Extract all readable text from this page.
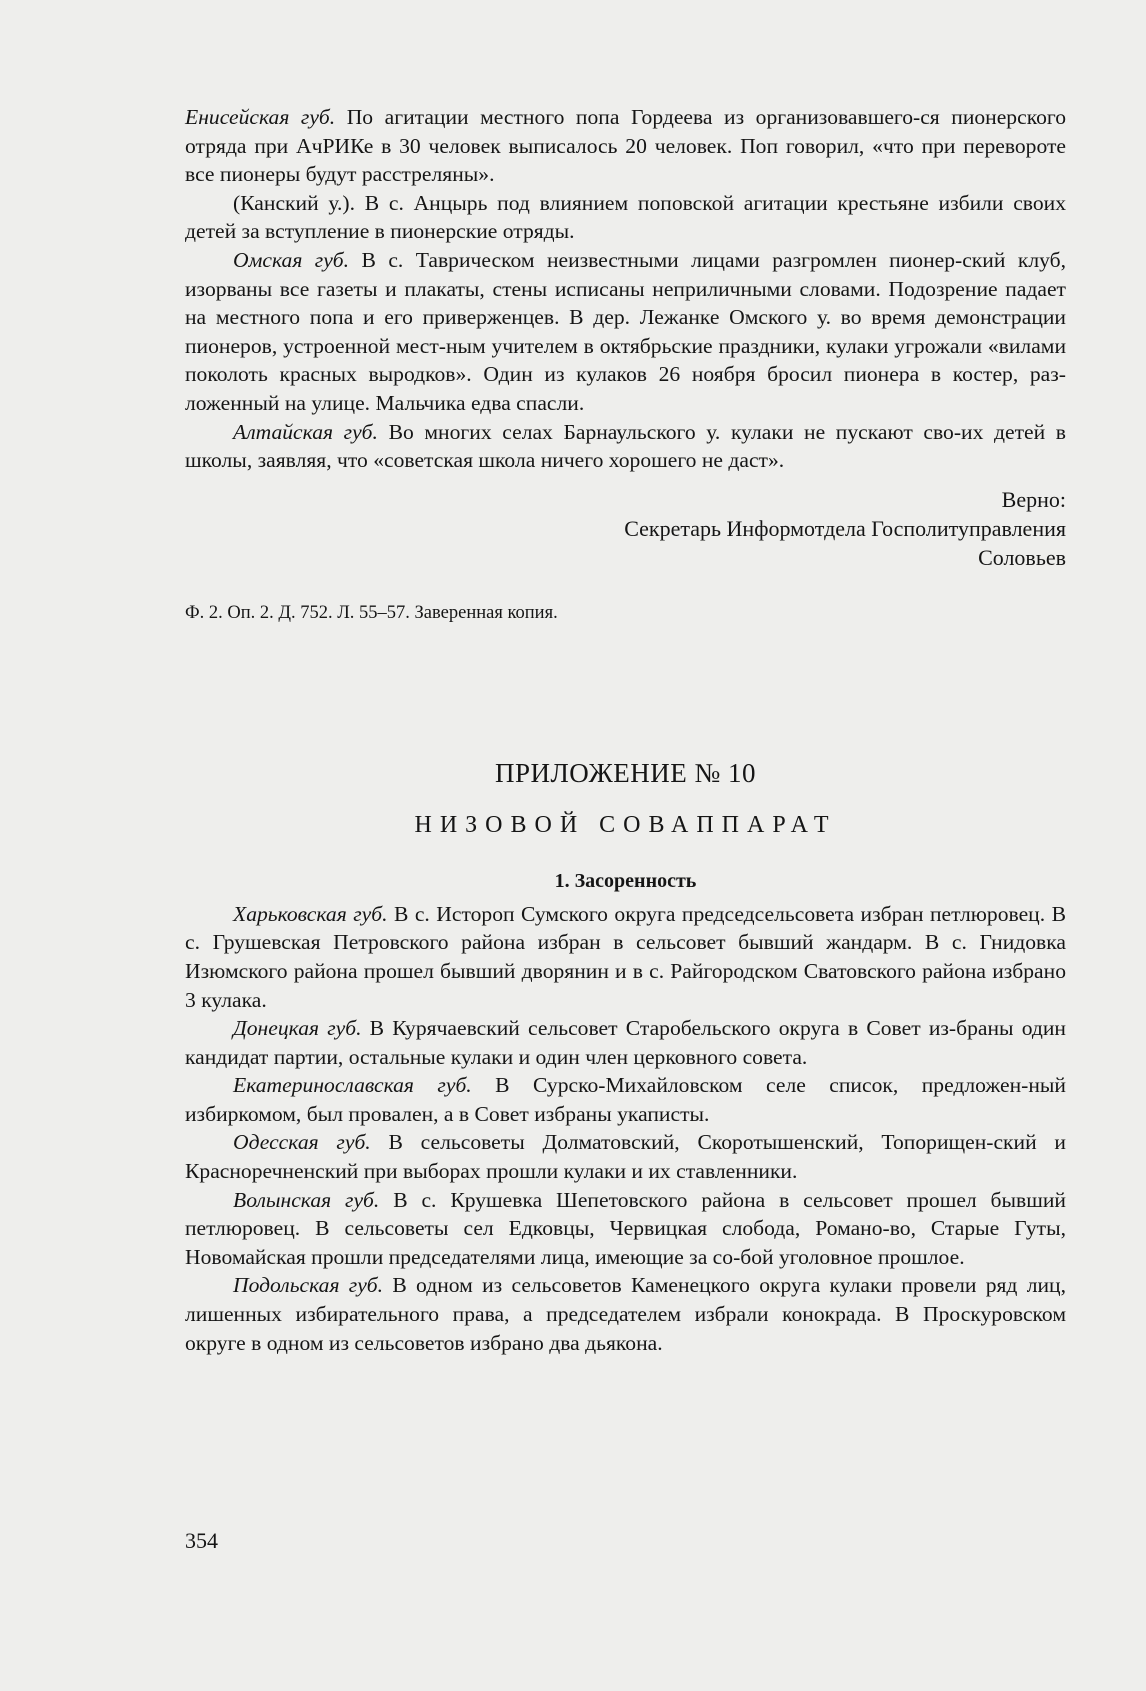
Енисейская губ. По агитации местного попа Гордеева из организовавшего-ся пионерского отряда при АчРИКе в 30 человек выписалось 20 человек. Поп говорил, «что при перевороте все пионеры будут расстреляны».

(Канский у.). В с. Анцырь под влиянием поповской агитации крестьяне избили своих детей за вступление в пионерские отряды.

Омская губ. В с. Таврическом неизвестными лицами разгромлен пионер-ский клуб, изорваны все газеты и плакаты, стены исписаны неприличными словами. Подозрение падает на местного попа и его приверженцев. В дер. Лежанке Омского у. во время демонстрации пионеров, устроенной мест-ным учителем в октябрьские праздники, кулаки угрожали «вилами поколоть красных выродков». Один из кулаков 26 ноября бросил пионера в костер, раз-ложенный на улице. Мальчика едва спасли.

Алтайская губ. Во многих селах Барнаульского у. кулаки не пускают сво-их детей в школы, заявляя, что «советская школа ничего хорошего не даст».

Верно:

Секретарь Информотдела Госполитуправления

Соловьев

Ф. 2. Оп. 2. Д. 752. Л. 55–57. Заверенная копия.

ПРИЛОЖЕНИЕ № 10

НИЗОВОЙ СОВАППАРАТ

1. Засоренность

Харьковская губ. В с. Истороп Сумского округа председсельсовета избран петлюровец. В с. Грушевская Петровского района избран в сельсовет бывший жандарм. В с. Гнидовка Изюмского района прошел бывший дворянин и в с. Райгородском Сватовского района избрано 3 кулака.

Донецкая губ. В Курячаевский сельсовет Старобельского округа в Совет из-браны один кандидат партии, остальные кулаки и один член церковного совета.

Екатеринославская губ. В Сурско-Михайловском селе список, предложен-ный избиркомом, был провален, а в Совет избраны укаписты.

Одесская губ. В сельсоветы Долматовский, Скоротышенский, Топорищен-ский и Красноречненский при выборах прошли кулаки и их ставленники.

Волынская губ. В с. Крушевка Шепетовского района в сельсовет прошел бывший петлюровец. В сельсоветы сел Едковцы, Червицкая слобода, Романо-во, Старые Гуты, Новомайская прошли председателями лица, имеющие за со-бой уголовное прошлое.

Подольская губ. В одном из сельсоветов Каменецкого округа кулаки провели ряд лиц, лишенных избирательного права, а председателем избрали конокрада. В Проскуровском округе в одном из сельсоветов избрано два дьякона.

354
